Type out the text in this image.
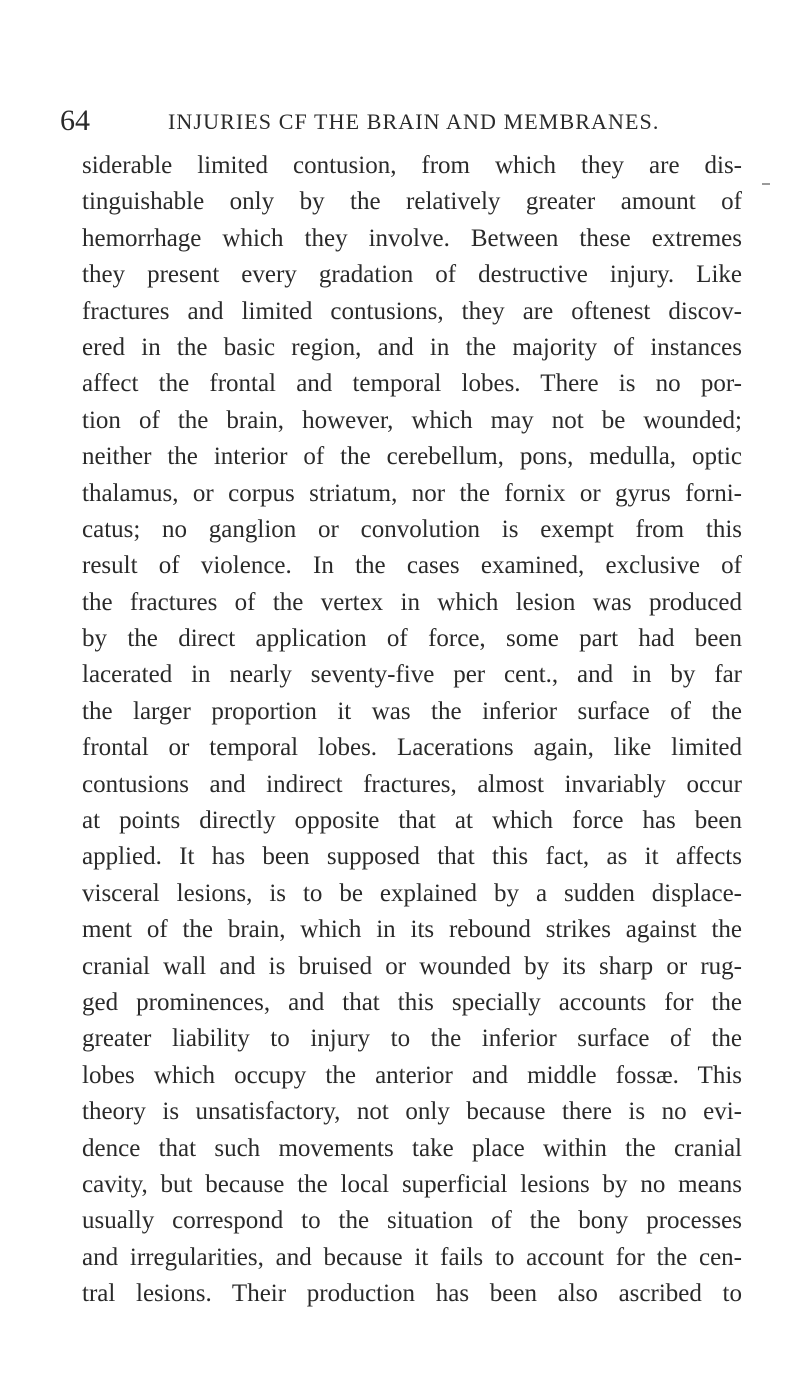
64	INJURIES CF THE BRAIN AND MEMBRANES.
siderable limited contusion, from which they are dis-
tinguishable only by the relatively greater amount of
hemorrhage which they involve. Between these extremes
they present every gradation of destructive injury. Like
fractures and limited contusions, they are oftenest discov-
ered in the basic region, and in the majority of instances
affect the frontal and temporal lobes. There is no por-
tion of the brain, however, which may not be wounded;
neither the interior of the cerebellum, pons, medulla, optic
thalamus, or corpus striatum, nor the fornix or gyrus forni-
catus; no ganglion or convolution is exempt from this
result of violence. In the cases examined, exclusive of
the fractures of the vertex in which lesion was produced
by the direct application of force, some part had been
lacerated in nearly seventy-five per cent., and in by far
the larger proportion it was the inferior surface of the
frontal or temporal lobes. Lacerations again, like limited
contusions and indirect fractures, almost invariably occur
at points directly opposite that at which force has been
applied. It has been supposed that this fact, as it affects
visceral lesions, is to be explained by a sudden displace-
ment of the brain, which in its rebound strikes against the
cranial wall and is bruised or wounded by its sharp or rug-
ged prominences, and that this specially accounts for the
greater liability to injury to the inferior surface of the
lobes which occupy the anterior and middle fossæ. This
theory is unsatisfactory, not only because there is no evi-
dence that such movements take place within the cranial
cavity, but because the local superficial lesions by no means
usually correspond to the situation of the bony processes
and irregularities, and because it fails to account for the cen-
tral lesions. Their production has been also ascribed to
